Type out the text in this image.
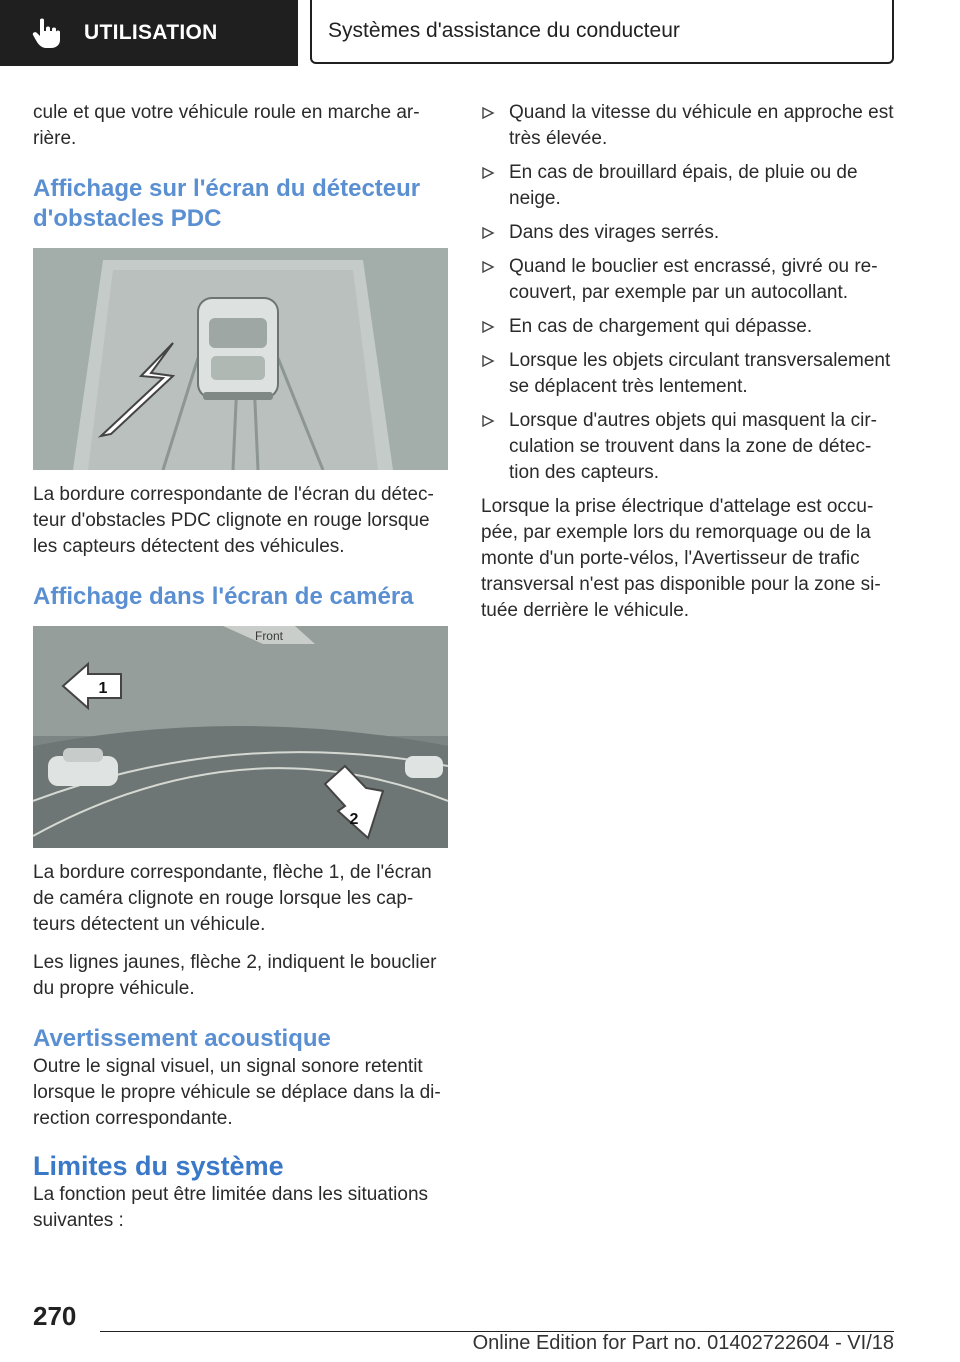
UTILISATION	Systèmes d'assistance du conducteur

cule et que votre véhicule roule en marche ar-rière.

Affichage sur l'écran du détecteur d'obstacles PDC

La bordure correspondante de l'écran du détec-teur d'obstacles PDC clignote en rouge lorsque les capteurs détectent des véhicules.

Affichage dans l'écran de caméra
Front
1
2

La bordure correspondante, flèche 1, de l'écran de caméra clignote en rouge lorsque les cap-teurs détectent un véhicule.

Les lignes jaunes, flèche 2, indiquent le bouclier du propre véhicule.

Avertissement acoustique

Outre le signal visuel, un signal sonore retentit lorsque le propre véhicule se déplace dans la di-rection correspondante.

Limites du système

La fonction peut être limitée dans les situations suivantes :

Quand la vitesse du véhicule en approche est très élevée.
En cas de brouillard épais, de pluie ou de neige.
Dans des virages serrés.
Quand le bouclier est encrassé, givré ou re-couvert, par exemple par un autocollant.
En cas de chargement qui dépasse.
Lorsque les objets circulant transversalement se déplacent très lentement.
Lorsque d'autres objets qui masquent la cir-culation se trouvent dans la zone de détec-tion des capteurs.

Lorsque la prise électrique d'attelage est occu-pée, par exemple lors du remorquage ou de la monte d'un porte-vélos, l'Avertisseur de trafic transversal n'est pas disponible pour la zone si-tuée derrière le véhicule.

270
Online Edition for Part no. 01402722604 - VI/18
